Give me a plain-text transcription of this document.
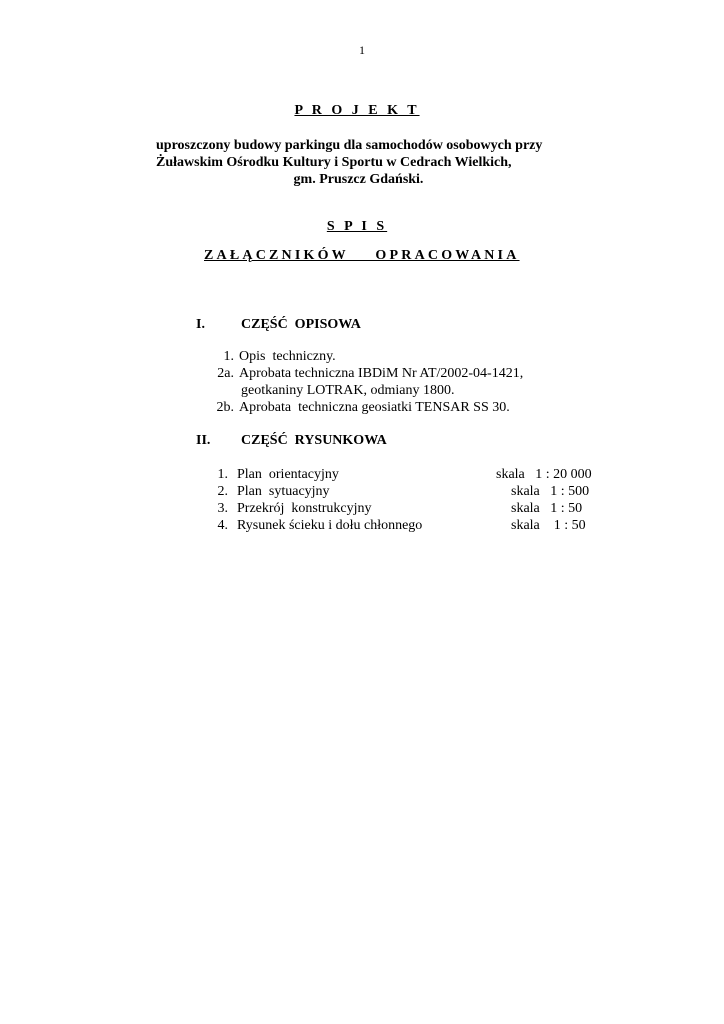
1
P R O J E K T
uproszczony budowy parkingu dla samochodów osobowych przy
Żuławskim Ośrodku Kultury i Sportu w Cedrach Wielkich,
gm. Pruszcz Gdański.
S P I S
ZAŁĄCZNIKÓW    OPRACOWANIA
I.	CZĘŚĆ  OPISOWA
1. Opis  techniczny.
2a. Aprobata techniczna IBDiM Nr AT/2002-04-1421,
geotkaniny LOTRAK, odmiany 1800.
2b. Aprobata  techniczna geosiatki TENSAR SS 30.
II. CZĘŚĆ  RYSUNKOWA
1. Plan  orientacyjny	skala   1 : 20 000
2. Plan  sytuacyjny	skala   1 : 500
3. Przekrój  konstrukcyjny	skala   1 : 50
4. Rysunek ścieku i dołu chłonnego	skala    1 : 50
